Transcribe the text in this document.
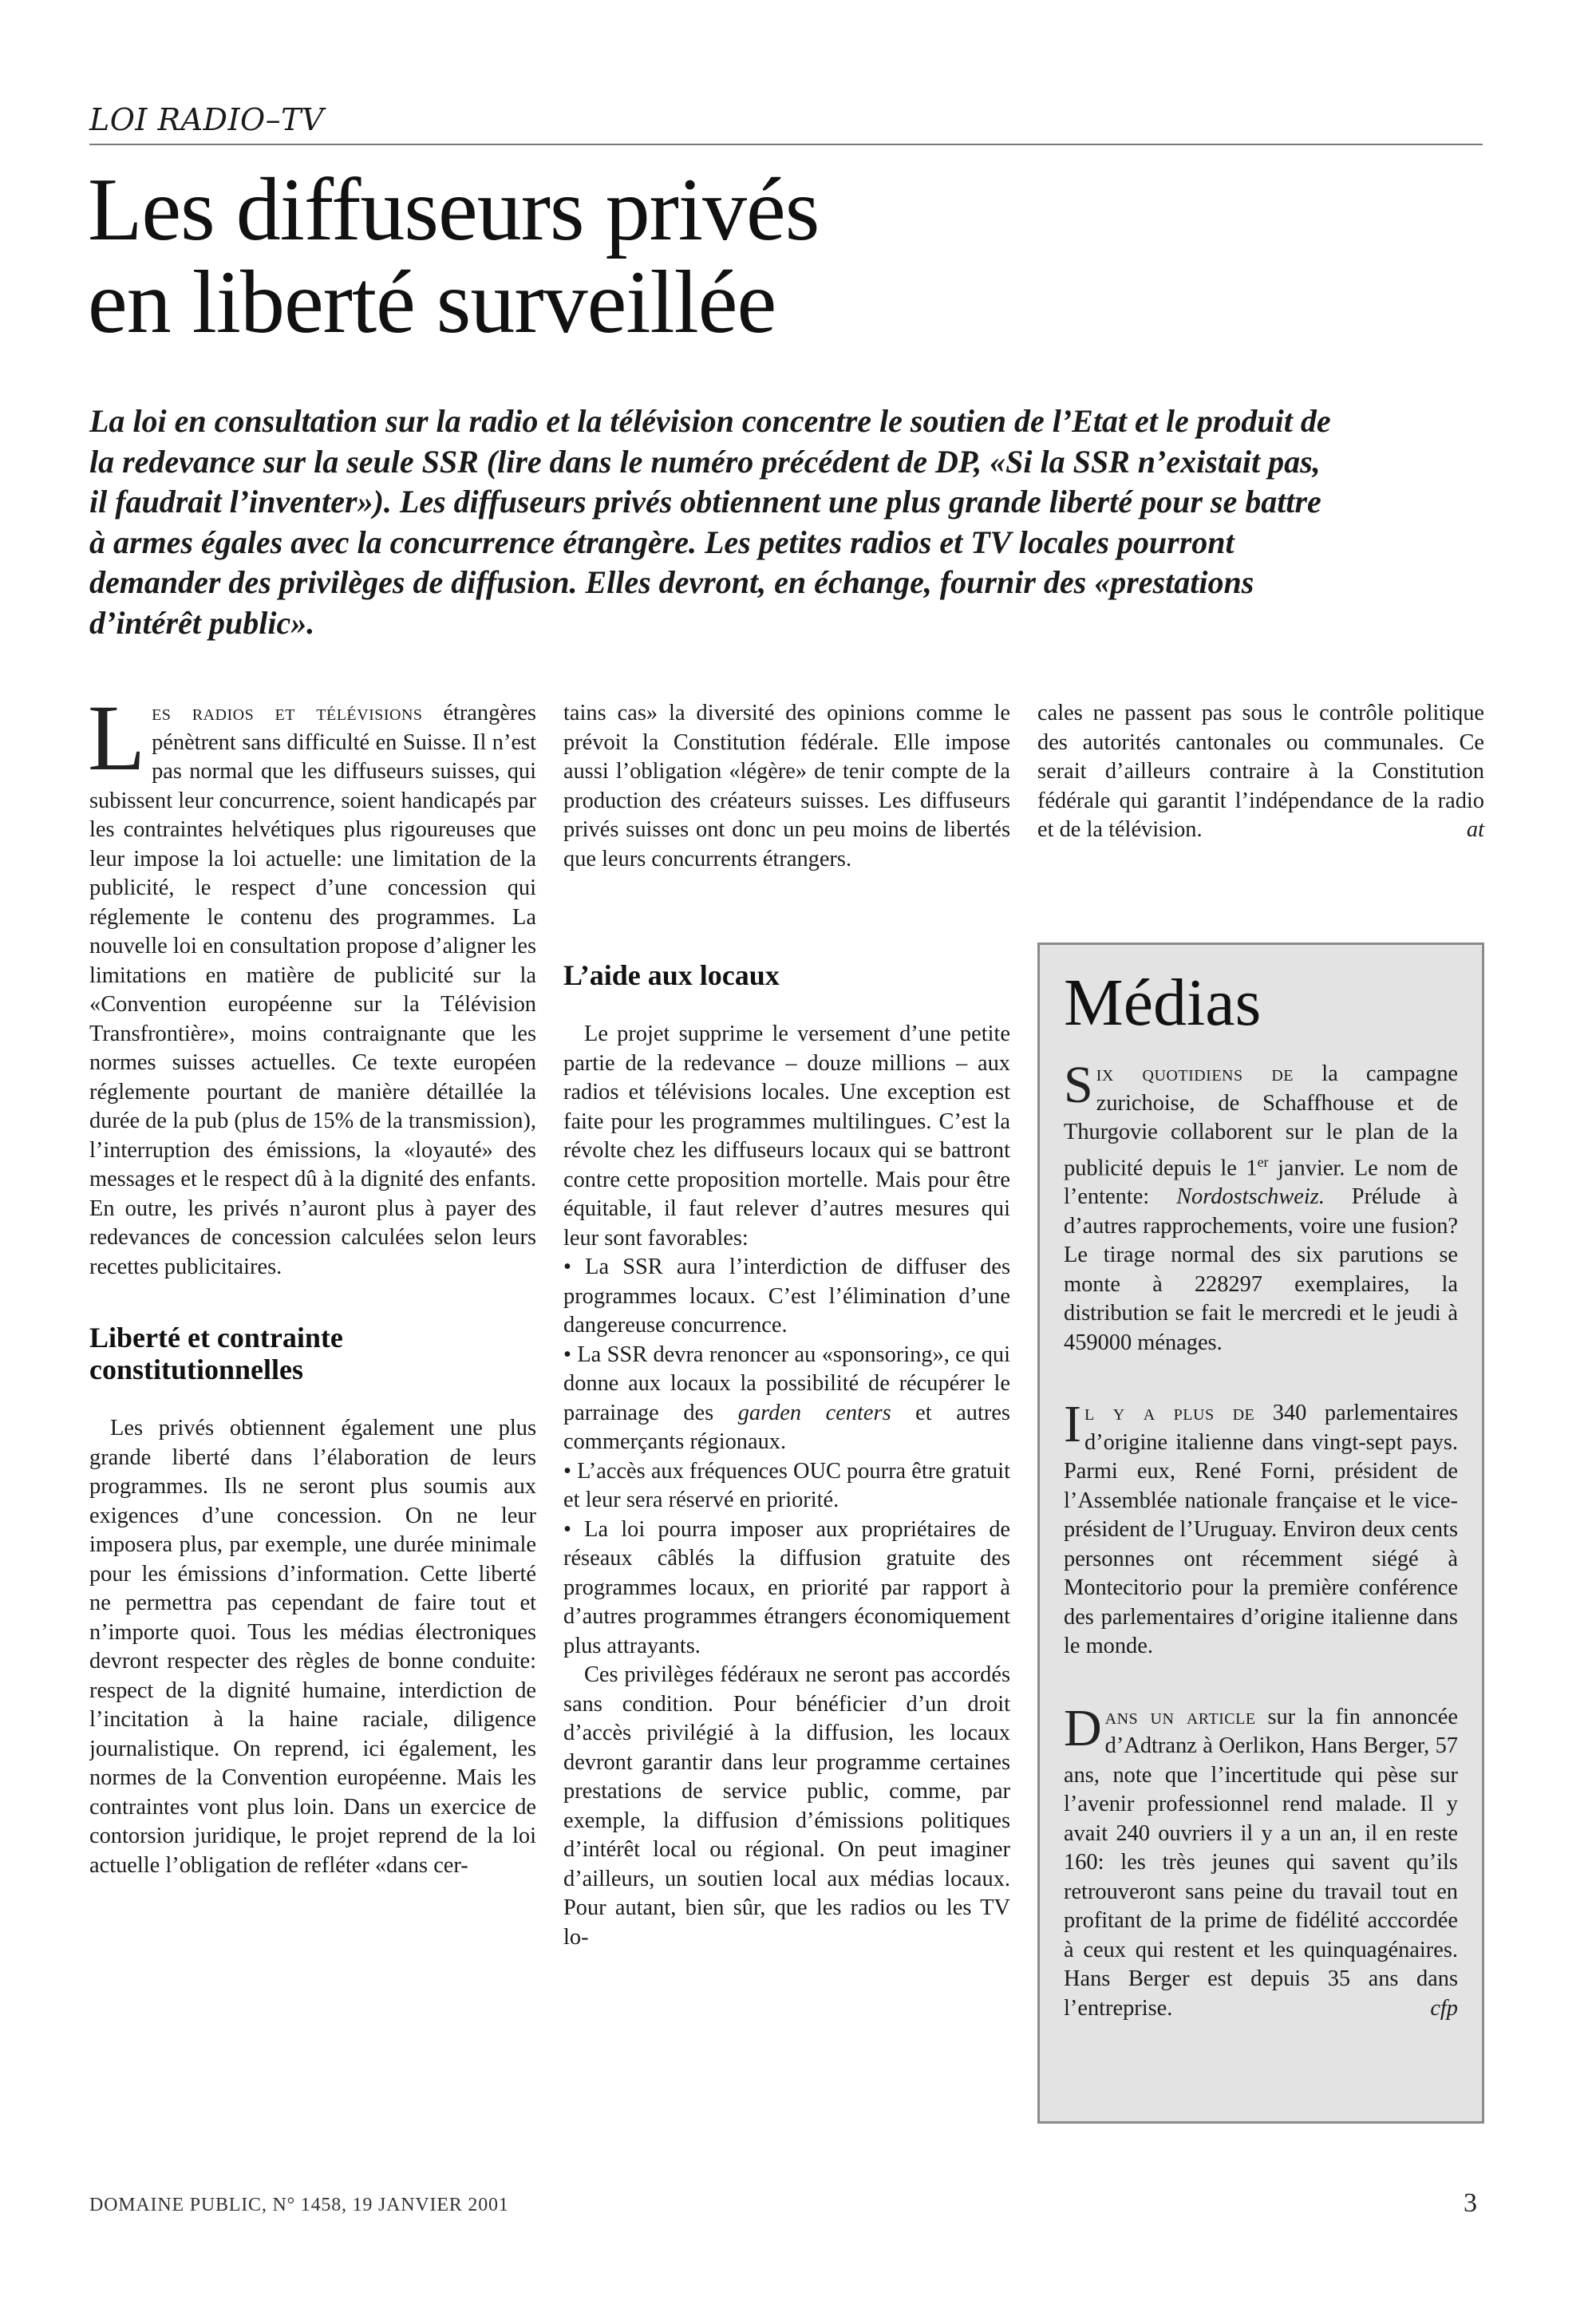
LOI RADIO–TV
Les diffuseurs privés
en liberté surveillée
La loi en consultation sur la radio et la télévision concentre le soutien de l’Etat et le produit de la redevance sur la seule SSR (lire dans le numéro précédent de DP, «Si la SSR n’existait pas, il faudrait l’inventer»). Les diffuseurs privés obtiennent une plus grande liberté pour se battre à armes égales avec la concurrence étrangère. Les petites radios et TV locales pourront demander des privilèges de diffusion. Elles devront, en échange, fournir des «prestations d’intérêt public».

Les radios et télévisions étrangères pénètrent sans difficulté en Suisse. Il n’est pas normal que les diffuseurs suisses, qui subissent leur concurrence, soient handicapés par les contraintes helvétiques plus rigoureuses que leur impose la loi actuelle: une limitation de la publicité, le respect d’une concession qui réglemente le contenu des programmes. La nouvelle loi en consultation propose d’aligner les limitations en matière de publicité sur la «Convention européenne sur la Télévision Transfrontière», moins contraignante que les normes suisses actuelles. Ce texte européen réglemente pourtant de manière détaillée la durée de la pub (plus de 15% de la transmission), l’interruption des émissions, la «loyauté» des messages et le respect dû à la dignité des enfants. En outre, les privés n’auront plus à payer des redevances de concession calculées selon leurs recettes publicitaires.

Liberté et contrainte
constitutionnelles

Les privés obtiennent également une plus grande liberté dans l’élaboration de leurs programmes. Ils ne seront plus soumis aux exigences d’une concession. On ne leur imposera plus, par exemple, une durée minimale pour les émissions d’information. Cette liberté ne permettra pas cependant de faire tout et n’importe quoi. Tous les médias électroniques devront respecter des règles de bonne conduite: respect de la dignité humaine, interdiction de l’incitation à la haine raciale, diligence journalistique. On reprend, ici également, les normes de la Convention européenne. Mais les contraintes vont plus loin. Dans un exercice de contorsion juridique, le projet reprend de la loi actuelle l’obligation de refléter «dans cer-

tains cas» la diversité des opinions comme le prévoit la Constitution fédérale. Elle impose aussi l’obligation «légère» de tenir compte de la production des créateurs suisses. Les diffuseurs privés suisses ont donc un peu moins de libertés que leurs concurrents étrangers.

L’aide aux locaux

Le projet supprime le versement d’une petite partie de la redevance – douze millions – aux radios et télévisions locales. Une exception est faite pour les programmes multilingues. C’est la révolte chez les diffuseurs locaux qui se battront contre cette proposition mortelle. Mais pour être équitable, il faut relever d’autres mesures qui leur sont favorables:

• La SSR aura l’interdiction de diffuser des programmes locaux. C’est l’élimination d’une dangereuse concurrence.

• La SSR devra renoncer au «sponsoring», ce qui donne aux locaux la possibilité de récupérer le parrainage des garden centers et autres commerçants régionaux.

• L’accès aux fréquences OUC pourra être gratuit et leur sera réservé en priorité.

• La loi pourra imposer aux propriétaires de réseaux câblés la diffusion gratuite des programmes locaux, en priorité par rapport à d’autres programmes étrangers économiquement plus attrayants.

Ces privilèges fédéraux ne seront pas accordés sans condition. Pour bénéficier d’un droit d’accès privilégié à la diffusion, les locaux devront garantir dans leur programme certaines prestations de service public, comme, par exemple, la diffusion d’émissions politiques d’intérêt local ou régional. On peut imaginer d’ailleurs, un soutien local aux médias locaux. Pour autant, bien sûr, que les radios ou les TV lo-

cales ne passent pas sous le contrôle politique des autorités cantonales ou communales. Ce serait d’ailleurs contraire à la Constitution fédérale qui garantit l’indépendance de la radio et de la télévision.	at

Médias

Six quotidiens de la campagne zurichoise, de Schaffhouse et de Thurgovie collaborent sur le plan de la publicité depuis le 1er janvier. Le nom de l’entente: Nordostschweiz. Prélude à d’autres rapprochements, voire une fusion? Le tirage normal des six parutions se monte à 228297 exemplaires, la distribution se fait le mercredi et le jeudi à 459000 ménages.

Il y a plus de 340 parlementaires d’origine italienne dans vingt-sept pays. Parmi eux, René Forni, président de l’Assemblée nationale française et le vice-président de l’Uruguay. Environ deux cents personnes ont récemment siégé à Montecitorio pour la première conférence des parlementaires d’origine italienne dans le monde.

Dans un article sur la fin annoncée d’Adtranz à Oerlikon, Hans Berger, 57 ans, note que l’incertitude qui pèse sur l’avenir professionnel rend malade. Il y avait 240 ouvriers il y a un an, il en reste 160: les très jeunes qui savent qu’ils retrouveront sans peine du travail tout en profitant de la prime de fidélité acccordée à ceux qui restent et les quinquagénaires. Hans Berger est depuis 35 ans dans l’entreprise.	cfp

DOMAINE PUBLIC, N° 1458, 19 JANVIER 2001	3
